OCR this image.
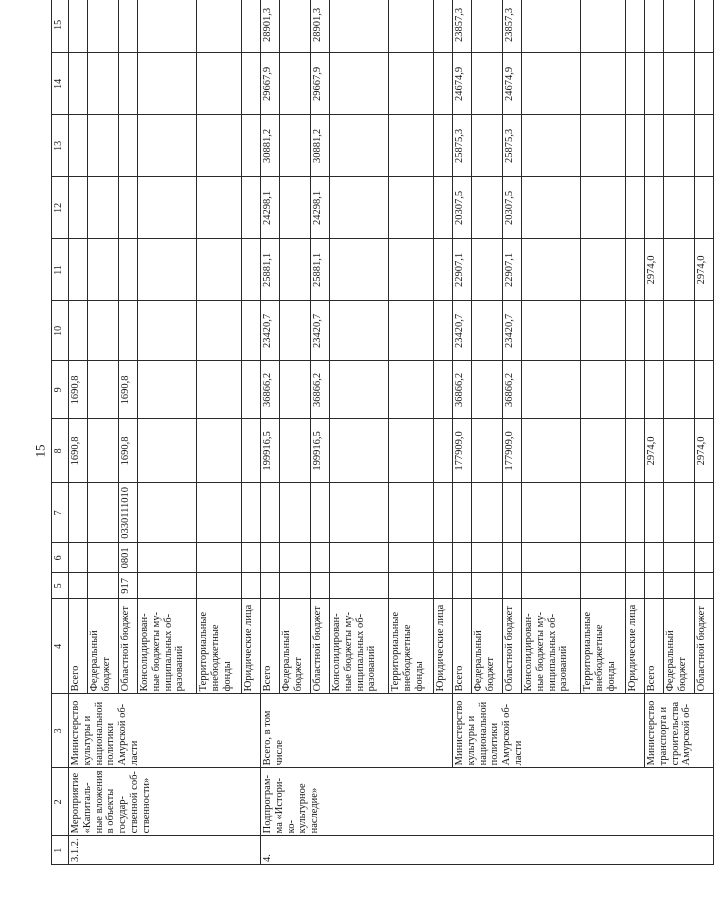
15
1	2	3	4	5	6	7	8	9	10	11	12	13	14	15
3.1.2.	Мероприятие «Капиталь-ные вложения в объекты государ-ственной соб-ственности»	Министерство культуры и национальной политики Амурской об-ласти	Всего				1690,8	1690,8						
			Федеральный бюджет											
			Областной бюджет	917	0801	0330111010	1690,8	1690,8						
			Консолидирован-ные бюджеты му-ниципальных об-разований											
			Территориальные внебюджетные фонды											
			Юридические лица											
4.	Подпрограм-ма «Истори-ко-культурное наследие»	Всего, в том числе	Всего				199916,5	36866,2	23420,7	25881,1	24298,1	30881,2	29667,9	28901,3
			Федеральный бюджет											
			Областной бюджет				199916,5	36866,2	23420,7	25881,1	24298,1	30881,2	29667,9	28901,3
			Консолидирован-ные бюджеты му-ниципальных об-разований											
			Территориальные внебюджетные фонды											
			Юридические лица											
		Министерство культуры и национальной политики Амурской об-ласти	Всего				177909,0	36866,2	23420,7	22907,1	20307,5	25875,3	24674,9	23857,3
			Федеральный бюджет											
			Областной бюджет				177909,0	36866,2	23420,7	22907,1	20307,5	25875,3	24674,9	23857,3
			Консолидирован-ные бюджеты му-ниципальных об-разований											
			Территориальные внебюджетные фонды											
			Юридические лица											
		Министерство транспорта и строительства Амурской об-	Всего				2974,0			2974,0				
			Федеральный бюджет											
			Областной бюджет				2974,0			2974,0				
